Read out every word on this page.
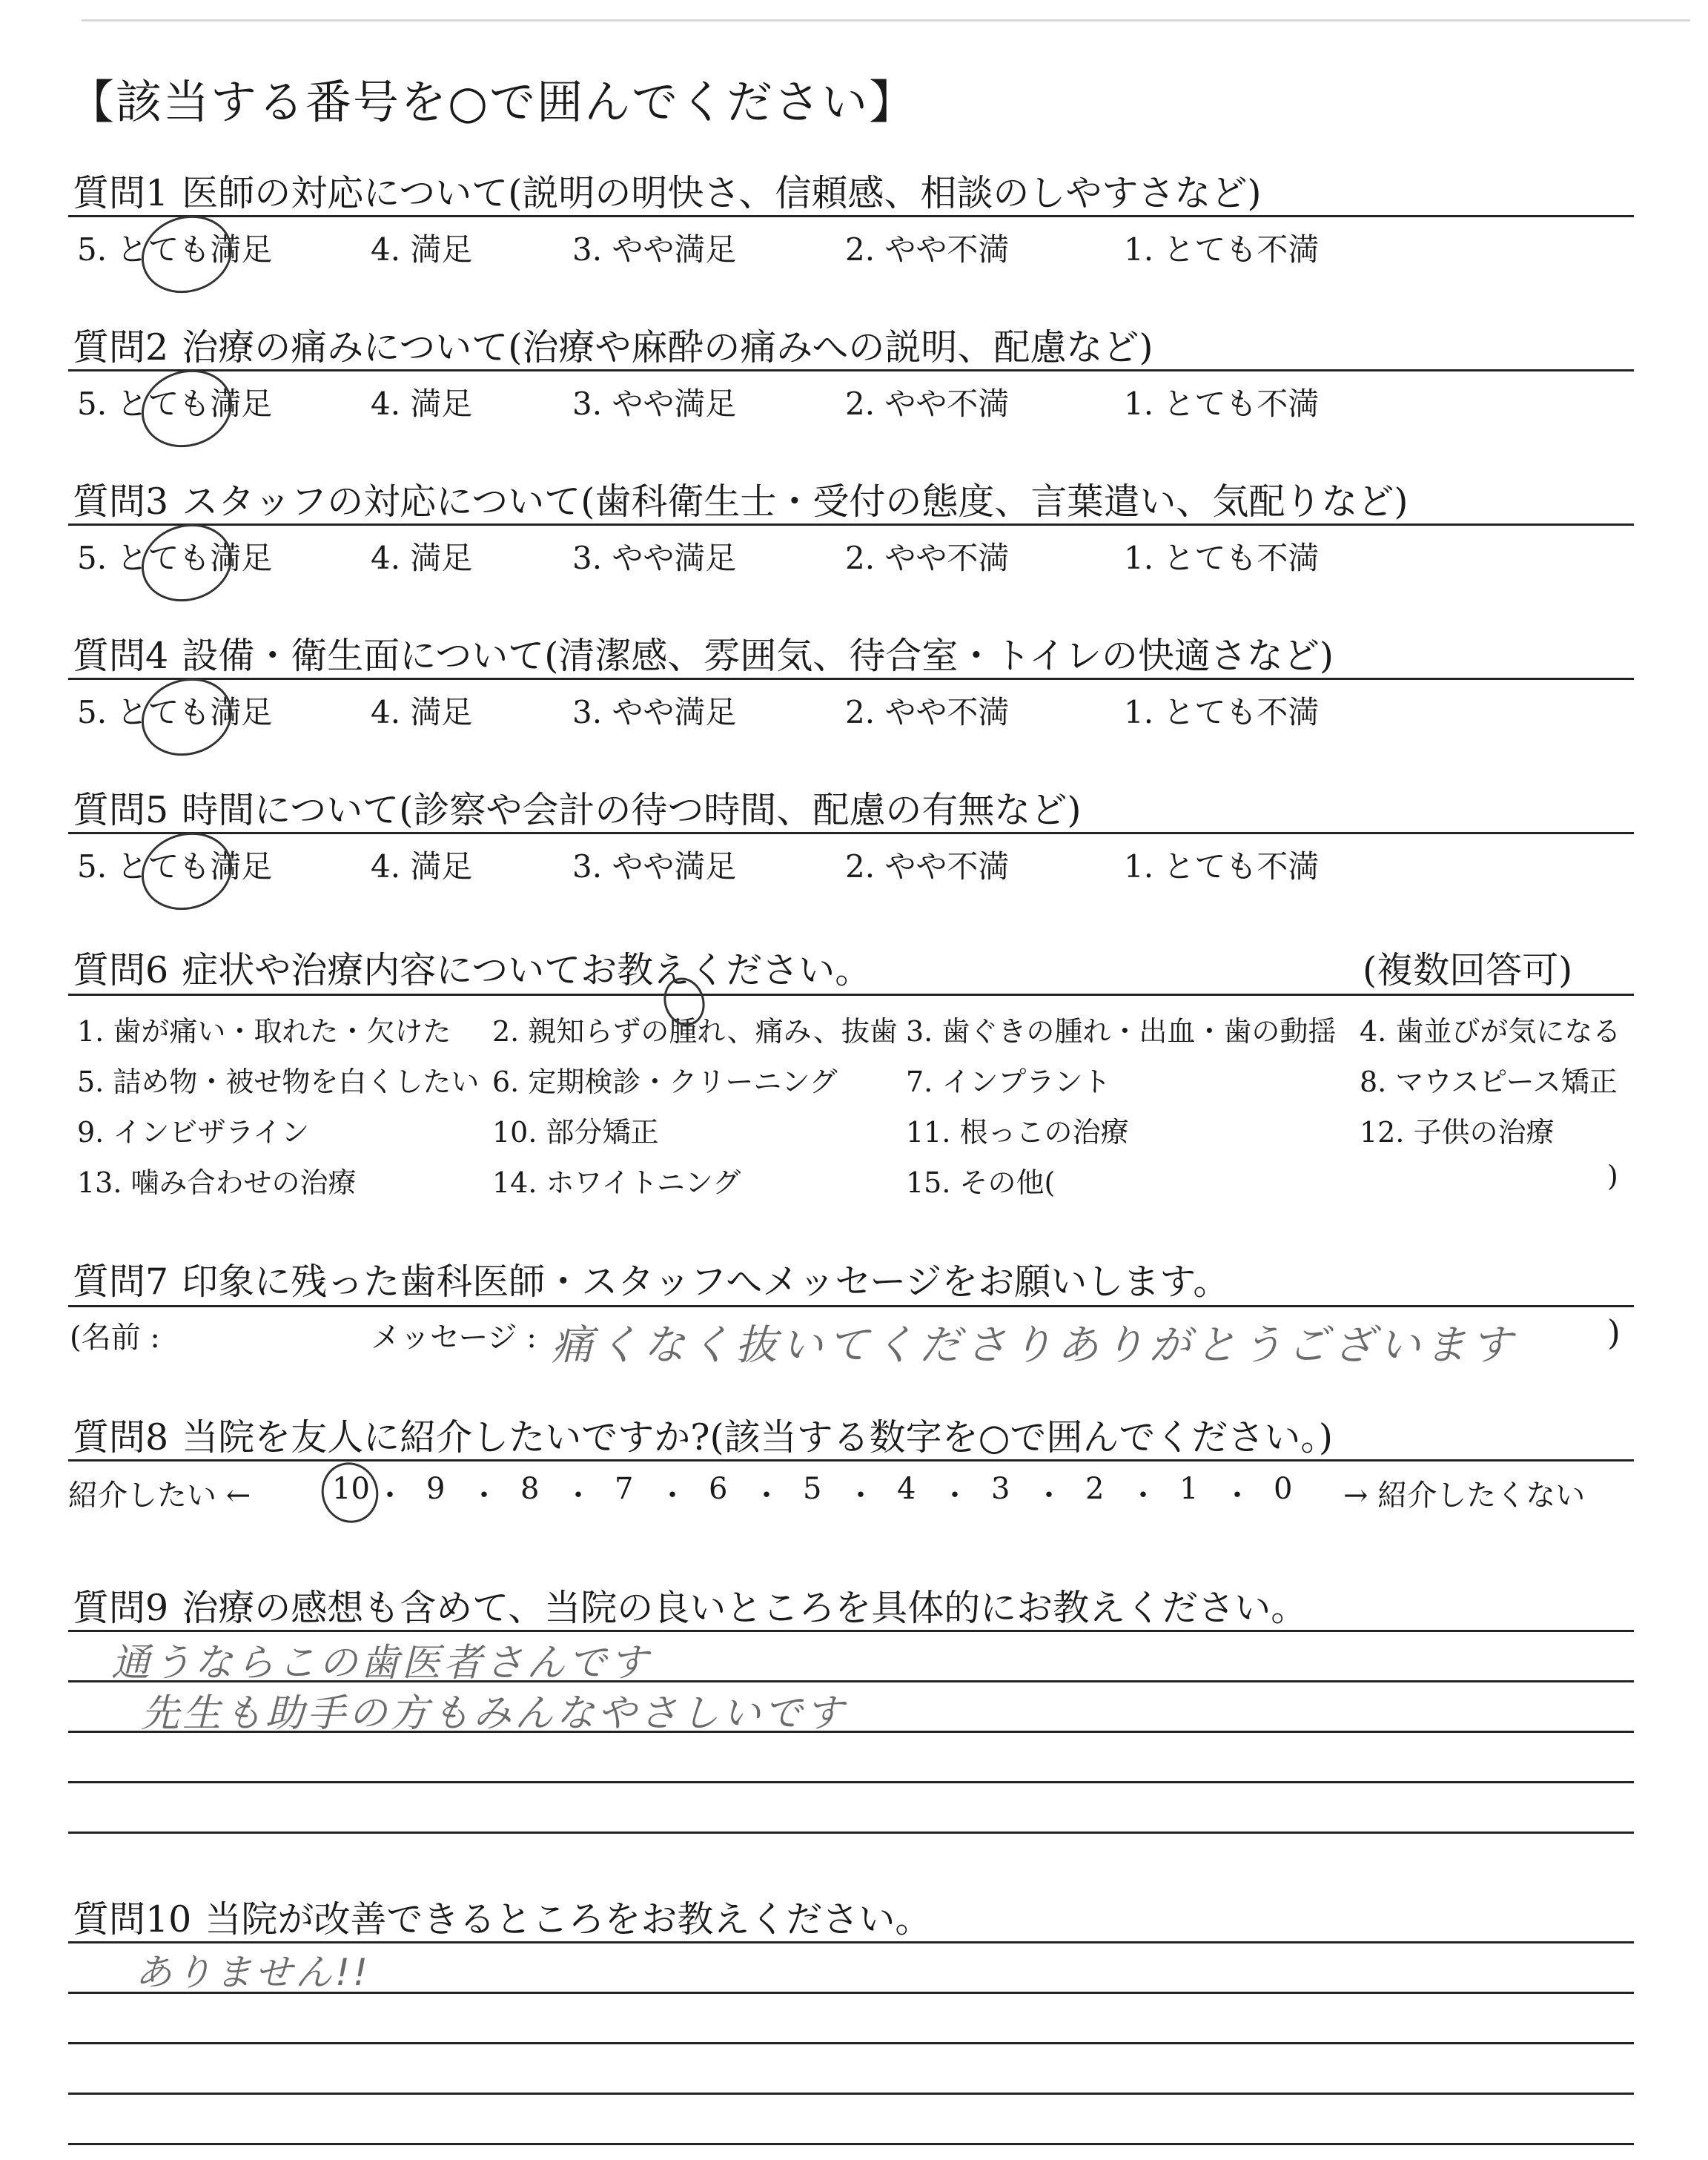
【該当する番号を○で囲んでください】
質問1 医師の対応について(説明の明快さ、信頼感、相談のしやすさなど)
5. とても満足	4. 満足	3. やや満足	2. やや不満	1. とても不満
質問2 治療の痛みについて(治療や麻酔の痛みへの説明、配慮など)
5. とても満足	4. 満足	3. やや満足	2. やや不満	1. とても不満
質問3 スタッフの対応について(歯科衛生士・受付の態度、言葉遣い、気配りなど)
5. とても満足	4. 満足	3. やや満足	2. やや不満	1. とても不満
質問4 設備・衛生面について(清潔感、雰囲気、待合室・トイレの快適さなど)
5. とても満足	4. 満足	3. やや満足	2. やや不満	1. とても不満
質問5 時間について(診察や会計の待つ時間、配慮の有無など)
5. とても満足	4. 満足	3. やや満足	2. やや不満	1. とても不満
質問6 症状や治療内容についてお教えください。	(複数回答可)
1. 歯が痛い・取れた・欠けた 2. 親知らずの腫れ、痛み、抜歯 3. 歯ぐきの腫れ・出血・歯の動揺 4. 歯並びが気になる
5. 詰め物・被せ物を白くしたい 6. 定期検診・クリーニング 7. インプラント	8. マウスピース矯正
9. インビザライン	10. 部分矯正	11. 根っこの治療	12. 子供の治療
13. 噛み合わせの治療	14. ホワイトニング	15. その他(	)
質問7 印象に残った歯科医師・スタッフへメッセージをお願いします。
(名前 :	メッセージ : 痛くなく抜いてくださりありがとうございます	)
質問8 当院を友人に紹介したいですか?(該当する数字を○で囲んでください。)
紹介したい ←	→ 紹介したくない
10 ・ 9 ・ 8 ・ 7 ・ 6 ・ 5 ・ 4 ・ 3 ・ 2 ・ 1 ・ 0
質問9 治療の感想も含めて、当院の良いところを具体的にお教えください。
通うならこの歯医者さんです
先生も助手の方もみんなやさしいです
質問10 当院が改善できるところをお教えください。
ありません!!
